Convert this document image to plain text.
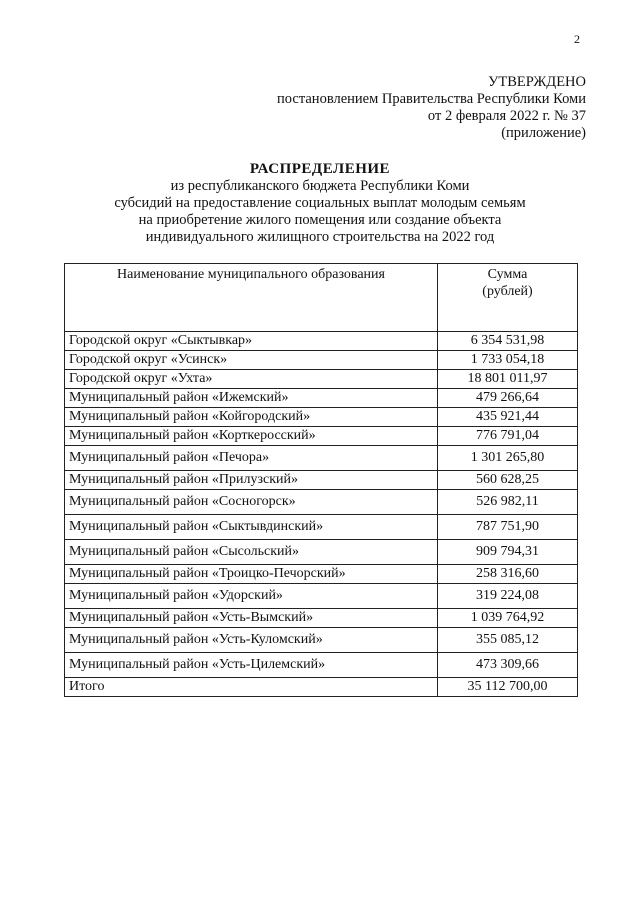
2
УТВЕРЖДЕНО
постановлением Правительства Республики Коми
от 2 февраля 2022 г. № 37
(приложение)
РАСПРЕДЕЛЕНИЕ
из республиканского бюджета Республики Коми
субсидий на предоставление социальных выплат молодым семьям
на приобретение жилого помещения или создание объекта
индивидуального жилищного строительства на 2022 год
Наименование муниципального образования	Сумма
(рублей)

Городской округ «Сыктывкар»	6 354 531,98
Городской округ «Усинск»	1 733 054,18
Городской округ «Ухта»	18 801 011,97
Муниципальный район «Ижемский»	479 266,64
Муниципальный район «Койгородский»	435 921,44
Муниципальный район «Корткеросский»	776 791,04
Муниципальный район «Печора»	1 301 265,80
Муниципальный район «Прилузский»	560 628,25
Муниципальный район «Сосногорск»	526 982,11
Муниципальный район «Сыктывдинский»	787 751,90
Муниципальный район «Сысольский»	909 794,31
Муниципальный район «Троицко-Печорский»	258 316,60
Муниципальный район «Удорский»	319 224,08
Муниципальный район «Усть-Вымский»	1 039 764,92
Муниципальный район «Усть-Куломский»	355 085,12
Муниципальный район «Усть-Цилемский»	473 309,66
Итого	35 112 700,00
